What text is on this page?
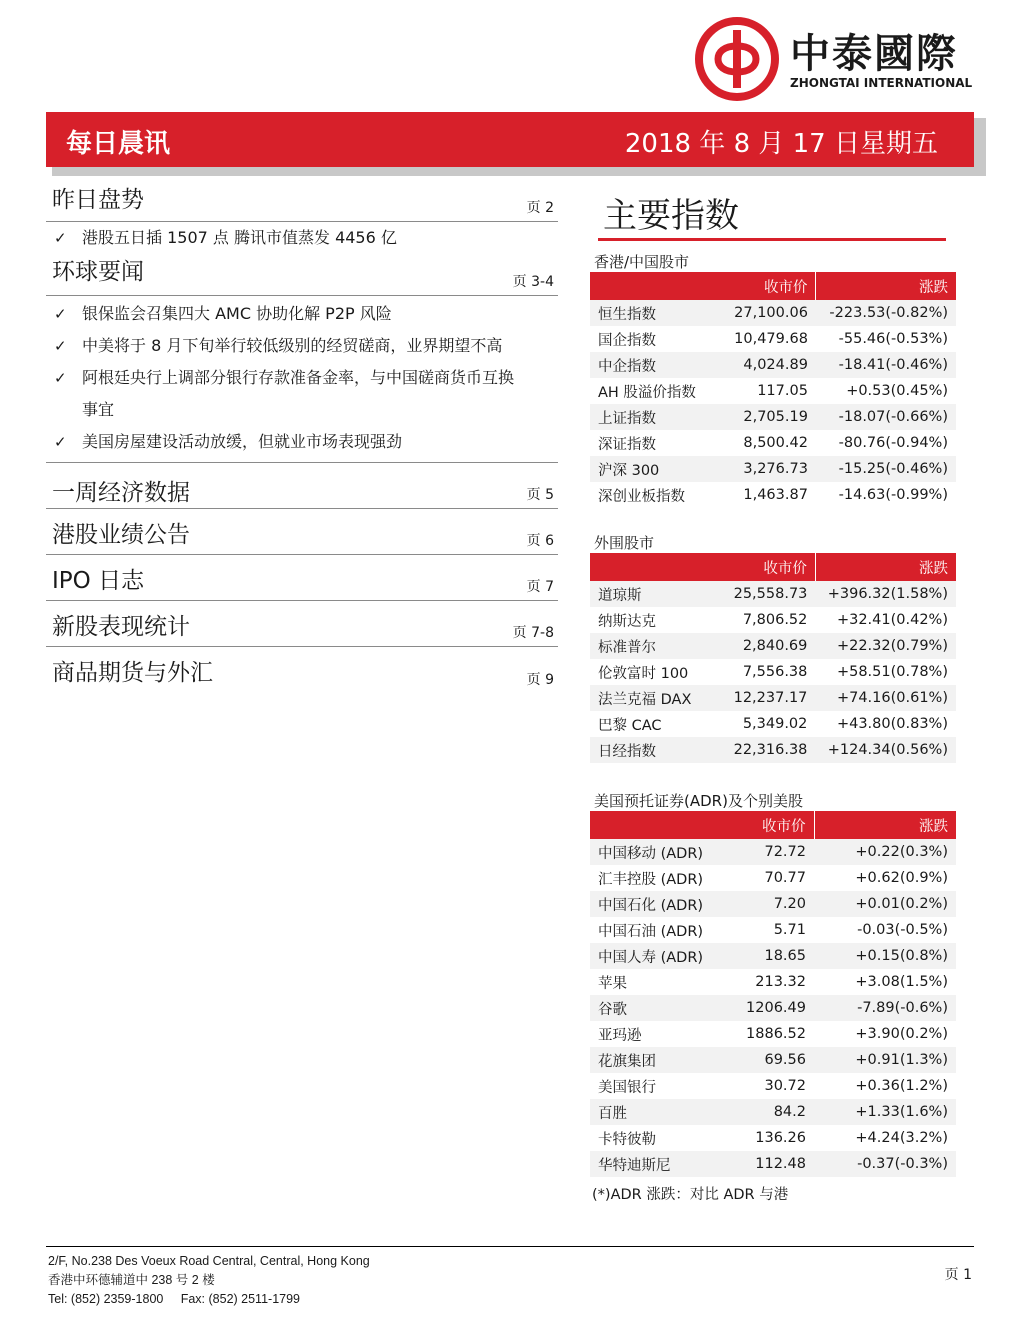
中泰國際
ZHONGTAI INTERNATIONAL
每日晨讯	2018 年 8 月 17 日星期五
昨日盘势	页 2
✓ 港股五日插 1507 点 腾讯市值蒸发 4456 亿
环球要闻	页 3-4
✓ 银保监会召集四大 AMC 协助化解 P2P 风险
✓ 中美将于 8 月下旬举行较低级别的经贸磋商，业界期望不高
✓ 阿根廷央行上调部分银行存款准备金率，与中国磋商货币互换事宜
✓ 美国房屋建设活动放缓，但就业市场表现强劲
一周经济数据	页 5
港股业绩公告	页 6
IPO 日志	页 7
新股表现统计	页 7-8
商品期货与外汇	页 9
主要指数
香港/中国股市
	收市价	涨跌
恒生指数	27,100.06	-223.53(-0.82%)
国企指数	10,479.68	-55.46(-0.53%)
中企指数	4,024.89	-18.41(-0.46%)
AH 股溢价指数	117.05	+0.53(0.45%)
上证指数	2,705.19	-18.07(-0.66%)
深证指数	8,500.42	-80.76(-0.94%)
沪深 300	3,276.73	-15.25(-0.46%)
深创业板指数	1,463.87	-14.63(-0.99%)
外围股市
	收市价	涨跌
道琼斯	25,558.73	+396.32(1.58%)
纳斯达克	7,806.52	+32.41(0.42%)
标准普尔	2,840.69	+22.32(0.79%)
伦敦富时 100	7,556.38	+58.51(0.78%)
法兰克福 DAX	12,237.17	+74.16(0.61%)
巴黎 CAC	5,349.02	+43.80(0.83%)
日经指数	22,316.38	+124.34(0.56%)
美国预托证券(ADR)及个别美股
	收市价	涨跌
中国移动 (ADR)	72.72	+0.22(0.3%)
汇丰控股 (ADR)	70.77	+0.62(0.9%)
中国石化 (ADR)	7.20	+0.01(0.2%)
中国石油 (ADR)	5.71	-0.03(-0.5%)
中国人寿 (ADR)	18.65	+0.15(0.8%)
苹果	213.32	+3.08(1.5%)
谷歌	1206.49	-7.89(-0.6%)
亚玛逊	1886.52	+3.90(0.2%)
花旗集团	69.56	+0.91(1.3%)
美国银行	30.72	+0.36(1.2%)
百胜	84.2	+1.33(1.6%)
卡特彼勒	136.26	+4.24(3.2%)
华特迪斯尼	112.48	-0.37(-0.3%)
(*)ADR 涨跌：对比 ADR 与港
2/F, No.238 Des Voeux Road Central, Central, Hong Kong
香港中环德辅道中 238 号 2 楼
Tel: (852) 2359-1800     Fax: (852) 2511-1799
页 1
